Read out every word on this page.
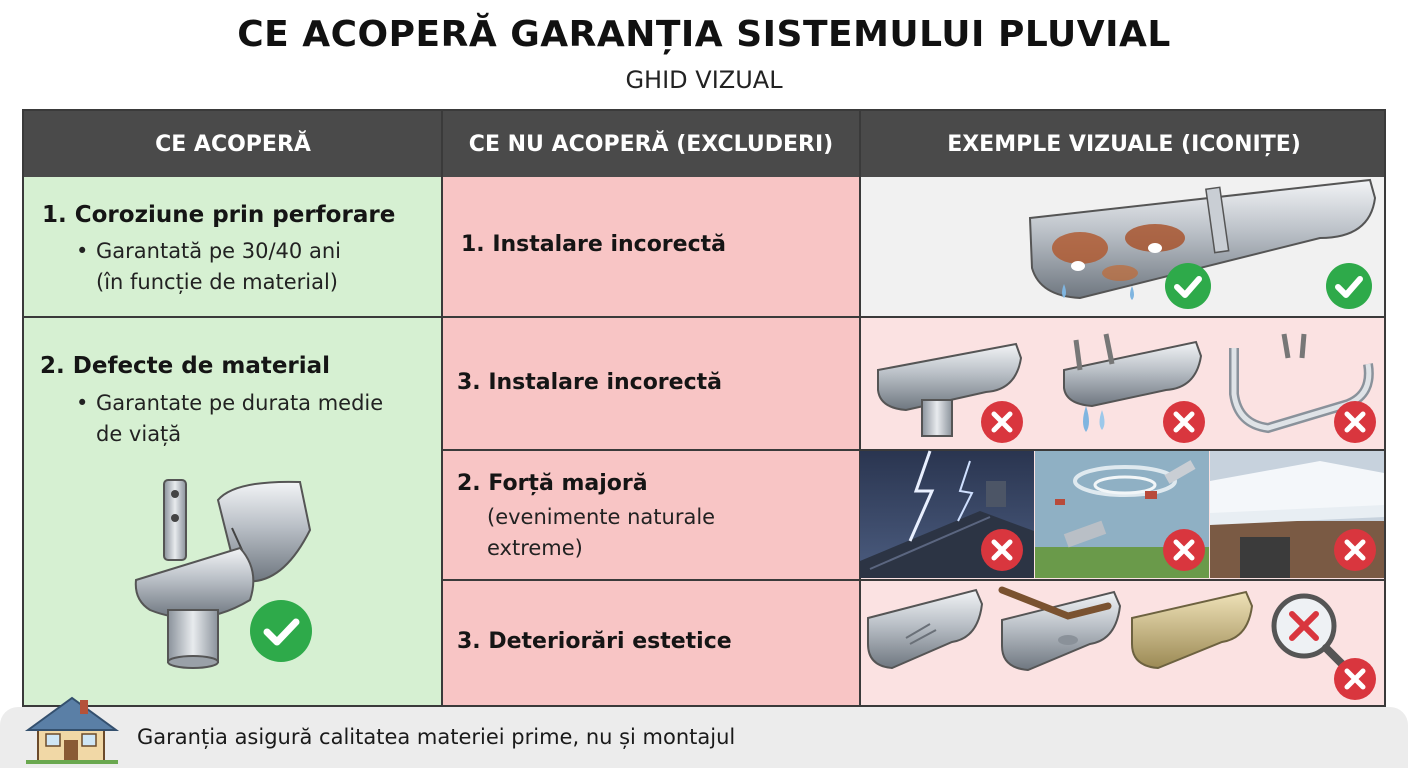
CE ACOPERĂ GARANȚIA SISTEMULUI PLUVIAL
GHID VIZUAL
CE ACOPERĂ	CE NU ACOPERĂ (EXCLUDERI)	EXEMPLE VIZUALE (ICONIȚE)
1. Coroziune prin perforare
• Garantată pe 30/40 ani
(în funcție de material)
2. Defecte de material
• Garantate pe durata medie
de viață
1. Instalare incorectă
3. Instalare incorectă
2. Forță majoră
(evenimente naturale
extreme)
3. Deteriorări estetice
Garanția asigură calitatea materiei prime, nu și montajul
